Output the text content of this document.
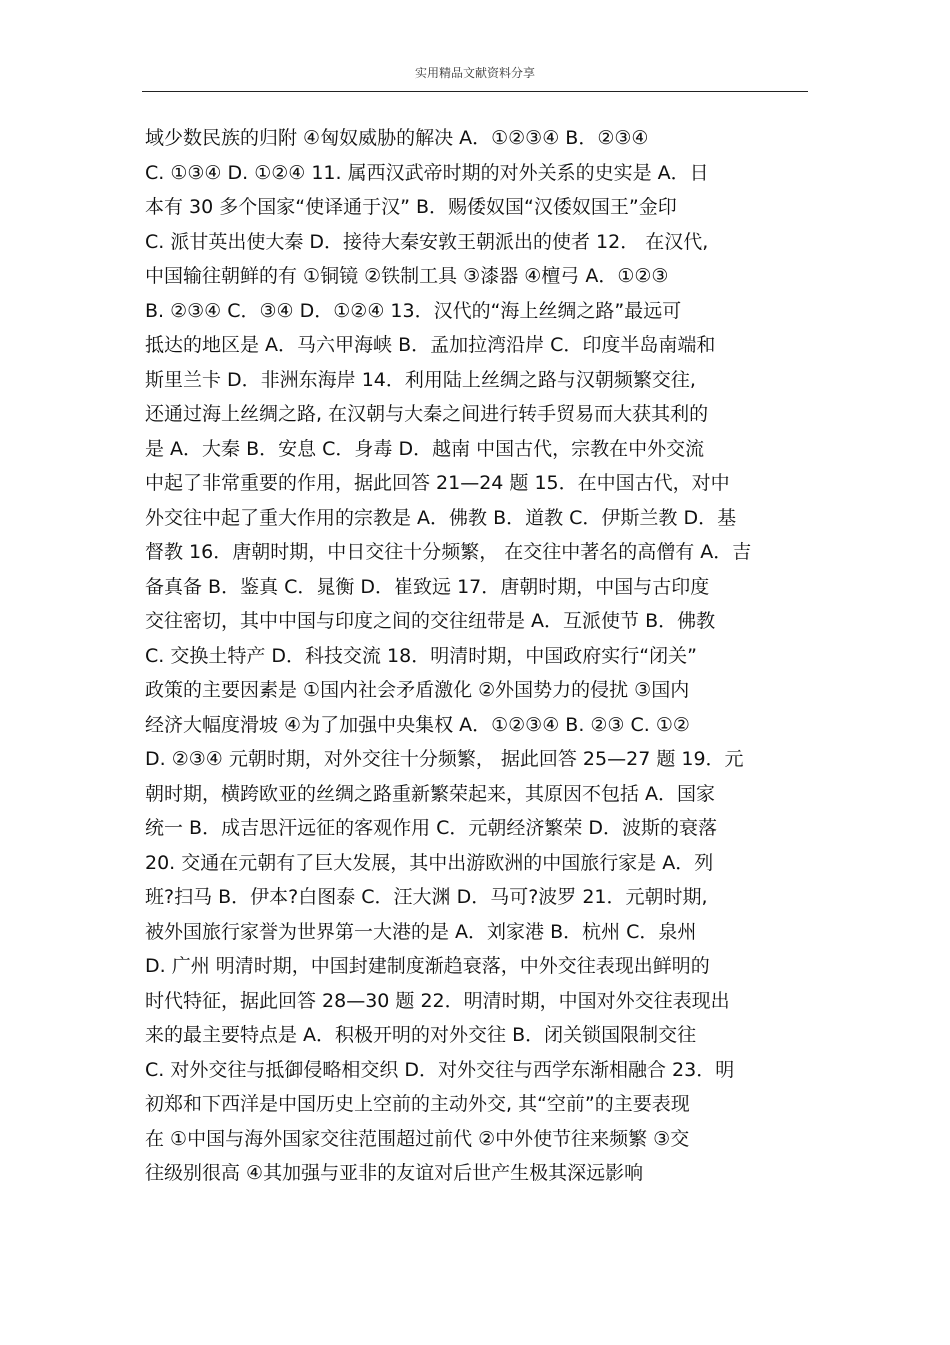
实用精品文献资料分享
域少数民族的归附 ④匈奴威胁的解决 A．①②③④ B．②③④
C. ①③④ D. ①②④ 11. 属西汉武帝时期的对外关系的史实是 A．日
本有 30 多个国家“使译通于汉” B．赐倭奴国“汉倭奴国王”金印
C. 派甘英出使大秦 D．接待大秦安敦王朝派出的使者 12． 在汉代,
中国输往朝鲜的有 ①铜镜 ②铁制工具 ③漆器 ④檀弓 A．①②③
B. ②③④ C．③④ D．①②④ 13．汉代的“海上丝绸之路”最远可
抵达的地区是 A．马六甲海峡 B．孟加拉湾沿岸 C．印度半岛南端和
斯里兰卡 D．非洲东海岸 14．利用陆上丝绸之路与汉朝频繁交往,
还通过海上丝绸之路, 在汉朝与大秦之间进行转手贸易而大获其利的
是 A．大秦 B．安息 C．身毒 D．越南 中国古代，宗教在中外交流
中起了非常重要的作用，据此回答 21—24 题 15．在中国古代，对中
外交往中起了重大作用的宗教是 A．佛教 B．道教 C．伊斯兰教 D．基
督教 16．唐朝时期，中日交往十分频繁， 在交往中著名的高僧有 A．吉
备真备 B．鉴真 C．晁衡 D．崔致远 17．唐朝时期，中国与古印度
交往密切，其中中国与印度之间的交往纽带是 A．互派使节 B．佛教
C. 交换土特产 D．科技交流 18．明清时期，中国政府实行“闭关”
政策的主要因素是 ①国内社会矛盾激化 ②外国势力的侵扰 ③国内
经济大幅度滑坡 ④为了加强中央集权 A．①②③④ B. ②③ C. ①②
D. ②③④ 元朝时期，对外交往十分频繁， 据此回答 25—27 题 19．元
朝时期，横跨欧亚的丝绸之路重新繁荣起来，其原因不包括 A．国家
统一 B．成吉思汗远征的客观作用 C．元朝经济繁荣 D．波斯的衰落
20. 交通在元朝有了巨大发展，其中出游欧洲的中国旅行家是 A．列
班?扫马 B．伊本?白图泰 C．汪大渊 D．马可?波罗 21．元朝时期,
被外国旅行家誉为世界第一大港的是 A．刘家港 B．杭州 C．泉州
D. 广州 明清时期，中国封建制度渐趋衰落，中外交往表现出鲜明的
时代特征，据此回答 28—30 题 22．明清时期，中国对外交往表现出
来的最主要特点是 A．积极开明的对外交往 B．闭关锁国限制交往
C. 对外交往与抵御侵略相交织 D．对外交往与西学东渐相融合 23．明
初郑和下西洋是中国历史上空前的主动外交, 其“空前”的主要表现
在 ①中国与海外国家交往范围超过前代 ②中外使节往来频繁 ③交
往级别很高 ④其加强与亚非的友谊对后世产生极其深远影响
